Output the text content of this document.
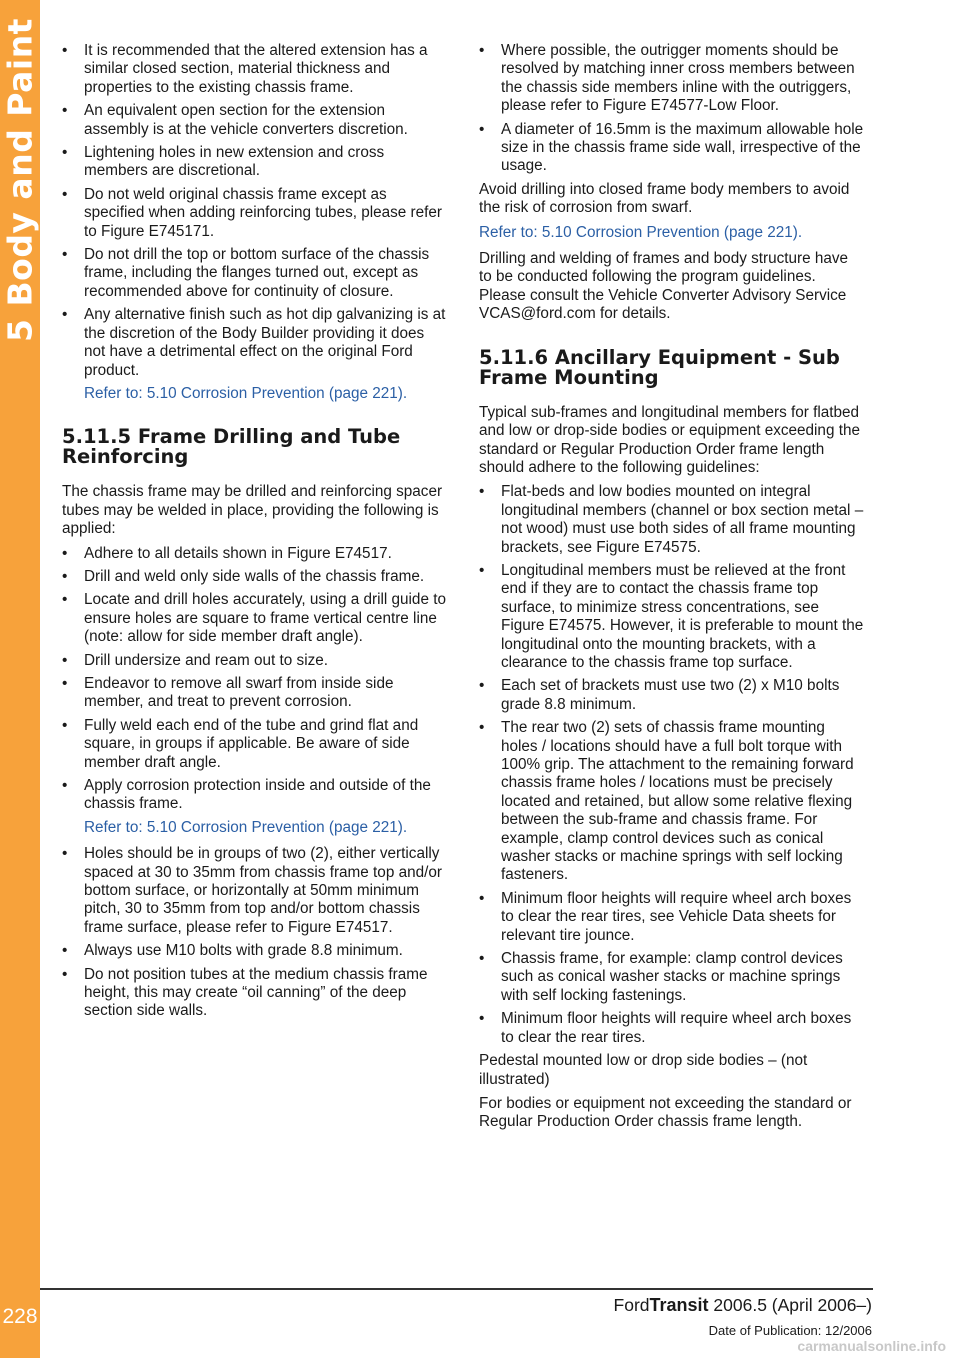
5 Body and Paint
228
• It is recommended that the altered extension has a similar closed section, material thickness and properties to the existing chassis frame.
• An equivalent open section for the extension assembly is at the vehicle converters discretion.
• Lightening holes in new extension and cross members are discretional.
• Do not weld original chassis frame except as specified when adding reinforcing tubes, please refer to Figure E745171.
• Do not drill the top or bottom surface of the chassis frame, including the flanges turned out, except as recommended above for continuity of closure.
• Any alternative finish such as hot dip galvanizing is at the discretion of the Body Builder providing it does not have a detrimental effect on the original Ford product.

Refer to: 5.10 Corrosion Prevention (page 221).

5.11.5 Frame Drilling and Tube Reinforcing

The chassis frame may be drilled and reinforcing spacer tubes may be welded in place, providing the following is applied:

• Adhere to all details shown in Figure E74517.
• Drill and weld only side walls of the chassis frame.
• Locate and drill holes accurately, using a drill guide to ensure holes are square to frame vertical centre line (note: allow for side member draft angle).
• Drill undersize and ream out to size.
• Endeavor to remove all swarf from inside side member, and treat to prevent corrosion.
• Fully weld each end of the tube and grind flat and square, in groups if applicable. Be aware of side member draft angle.
• Apply corrosion protection inside and outside of the chassis frame.

Refer to: 5.10 Corrosion Prevention (page 221).

• Holes should be in groups of two (2), either vertically spaced at 30 to 35mm from chassis frame top and/or bottom surface, or horizontally at 50mm minimum pitch, 30 to 35mm from top and/or bottom chassis frame surface, please refer to Figure E74517.
• Always use M10 bolts with grade 8.8 minimum.
• Do not position tubes at the medium chassis frame height, this may create “oil canning” of the deep section side walls.
• Where possible, the outrigger moments should be resolved by matching inner cross members between the chassis side members inline with the outriggers, please refer to Figure E74577-Low Floor.
• A diameter of 16.5mm is the maximum allowable hole size in the chassis frame side wall, irrespective of the usage.

Avoid drilling into closed frame body members to avoid the risk of corrosion from swarf.

Refer to: 5.10 Corrosion Prevention (page 221).

Drilling and welding of frames and body structure have to be conducted following the program guidelines. Please consult the Vehicle Converter Advisory Service VCAS@ford.com for details.

5.11.6 Ancillary Equipment - Sub Frame Mounting

Typical sub-frames and longitudinal members for flatbed and low or drop-side bodies or equipment exceeding the standard or Regular Production Order frame length should adhere to the following guidelines:

• Flat-beds and low bodies mounted on integral longitudinal members (channel or box section metal – not wood) must use both sides of all frame mounting brackets, see Figure E74575.
• Longitudinal members must be relieved at the front end if they are to contact the chassis frame top surface, to minimize stress concentrations, see Figure E74575. However, it is preferable to mount the longitudinal onto the mounting brackets, with a clearance to the chassis frame top surface.
• Each set of brackets must use two (2) x M10 bolts grade 8.8 minimum.
• The rear two (2) sets of chassis frame mounting holes / locations should have a full bolt torque with 100% grip. The attachment to the remaining forward chassis frame holes / locations must be precisely located and retained, but allow some relative flexing between the sub-frame and chassis frame. For example, clamp control devices such as conical washer stacks or machine springs with self locking fasteners.
• Minimum floor heights will require wheel arch boxes to clear the rear tires, see Vehicle Data sheets for relevant tire jounce.
• Chassis frame, for example: clamp control devices such as conical washer stacks or machine springs with self locking fastenings.
• Minimum floor heights will require wheel arch boxes to clear the rear tires.

Pedestal mounted low or drop side bodies – (not illustrated)

For bodies or equipment not exceeding the standard or Regular Production Order chassis frame length.

FordTransit 2006.5 (April 2006–)
Date of Publication: 12/2006
carmanualsonline.info
